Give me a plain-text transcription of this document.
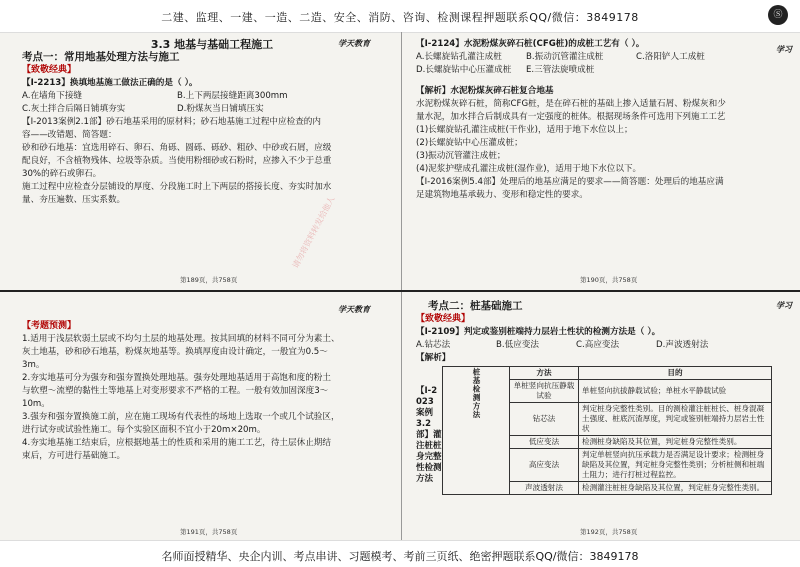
二建、监理、一建、一造、二造、安全、消防、咨询、检测课程押题联系QQ/微信：3849178	Ⓢ
3.3 地基与基础工程施工
考点一：常用地基处理方法与施工

【致敬经典】

【Ⅰ-2213】换填地基施工做法正确的是（ ）。

A.在墙角下接缝	B.上下两层接缝距离300mm
C.灰土拌合后隔日铺填夯实	D.粉煤灰当日铺填压实

【Ⅰ-2013案例2.1部】砂石地基采用的原材料；砂石地基施工过程中应检查的内

容——改错题、简答题：

砂和砂石地基：宜选用碎石、卵石、角砾、圆砾、砾砂、粗砂、中砂或石屑，应级

配良好，不含植物残体、垃圾等杂质。当使用粉细砂或石粉时，应掺入不少于总重

30%的碎石或卵石。

施工过程中应检查分层铺设的厚度、分段施工时上下两层的搭接长度、夯实时加水

量、夯压遍数、压实系数。

学天教育
第189页，共758页
请勿将资料转发给他人

【Ⅰ-2124】水泥粉煤灰碎石桩(CFG桩)的成桩工艺有（ ）。

A.长螺旋钻孔灌注成桩	B.振动沉管灌注成桩	C.洛阳铲人工成桩
D.长螺旋钻中心压灌成桩	E.三管法旋喷成桩

【解析】水泥粉煤灰碎石桩复合地基

水泥粉煤灰碎石桩，简称CFG桩，是在碎石桩的基础上掺入适量石屑、粉煤灰和少

量水泥，加水拌合后制成具有一定强度的桩体。根据现场条件可选用下列施工工艺

(1)长螺旋钻孔灌注成桩(干作业)，适用于地下水位以上；

(2)长螺旋钻中心压灌成桩；

(3)振动沉管灌注成桩；

(4)泥浆护壁成孔灌注成桩(湿作业)，适用于地下水位以下。

【Ⅰ-2016案例5.4部】处理后的地基应满足的要求——简答题：处理后的地基应满

足建筑物地基承载力、变形和稳定性的要求。

学习
第190页，共758页
学天教育

【考题预测】

1.适用于浅层软弱土层或不均匀土层的地基处理。按其回填的材料不同可分为素土、

灰土地基，砂和砂石地基，粉煤灰地基等。换填厚度由设计确定，一般宜为0.5～

3m。

2.夯实地基可分为强夯和强夯置换处理地基。强夯处理地基适用于高饱和度的粉土

与软塑～流塑的黏性土等地基上对变形要求不严格的工程。一般有效加固深度3～

10m。

3.强夯和强夯置换施工前，应在施工现场有代表性的场地上选取一个或几个试验区，

进行试夯或试验性施工。每个实验区面积不宜小于20m×20m。

4.夯实地基施工结束后，应根据地基土的性质和采用的施工工艺，待土层休止期结

束后，方可进行基础施工。

第191页，共758页
学习
考点二：桩基础施工

【致敬经典】

【Ⅰ-2109】判定或鉴别桩端持力层岩土性状的检测方法是（ ）。

A.钻芯法	B.低应变法	C.高应变法	D.声波透射法

【解析】

【Ⅰ-2023案例3.2部】灌注桩桩身完整性检测方法
桩基检测方法	方法	目的
	单桩竖向抗压静载试验	单桩竖向抗拔静载试验；单桩水平静载试验
	钻芯法	判定桩身完整性类别。目的测检灌注桩桩长、桩身混凝土强度、桩底沉渣厚度，判定或鉴别桩端持力层岩土性状
	低应变法	检测桩身缺陷及其位置，判定桩身完整性类别。
	高应变法	判定单桩竖向抗压承载力是否满足设计要求；检测桩身缺陷及其位置，判定桩身完整性类别；分析桩侧和桩端土阻力；进行打桩过程监控。
	声波透射法	检测灌注桩桩身缺陷及其位置，判定桩身完整性类别。
第192页，共758页
名师面授精华、央企内训、考点串讲、习题模考、考前三页纸、绝密押题联系QQ/微信：3849178
